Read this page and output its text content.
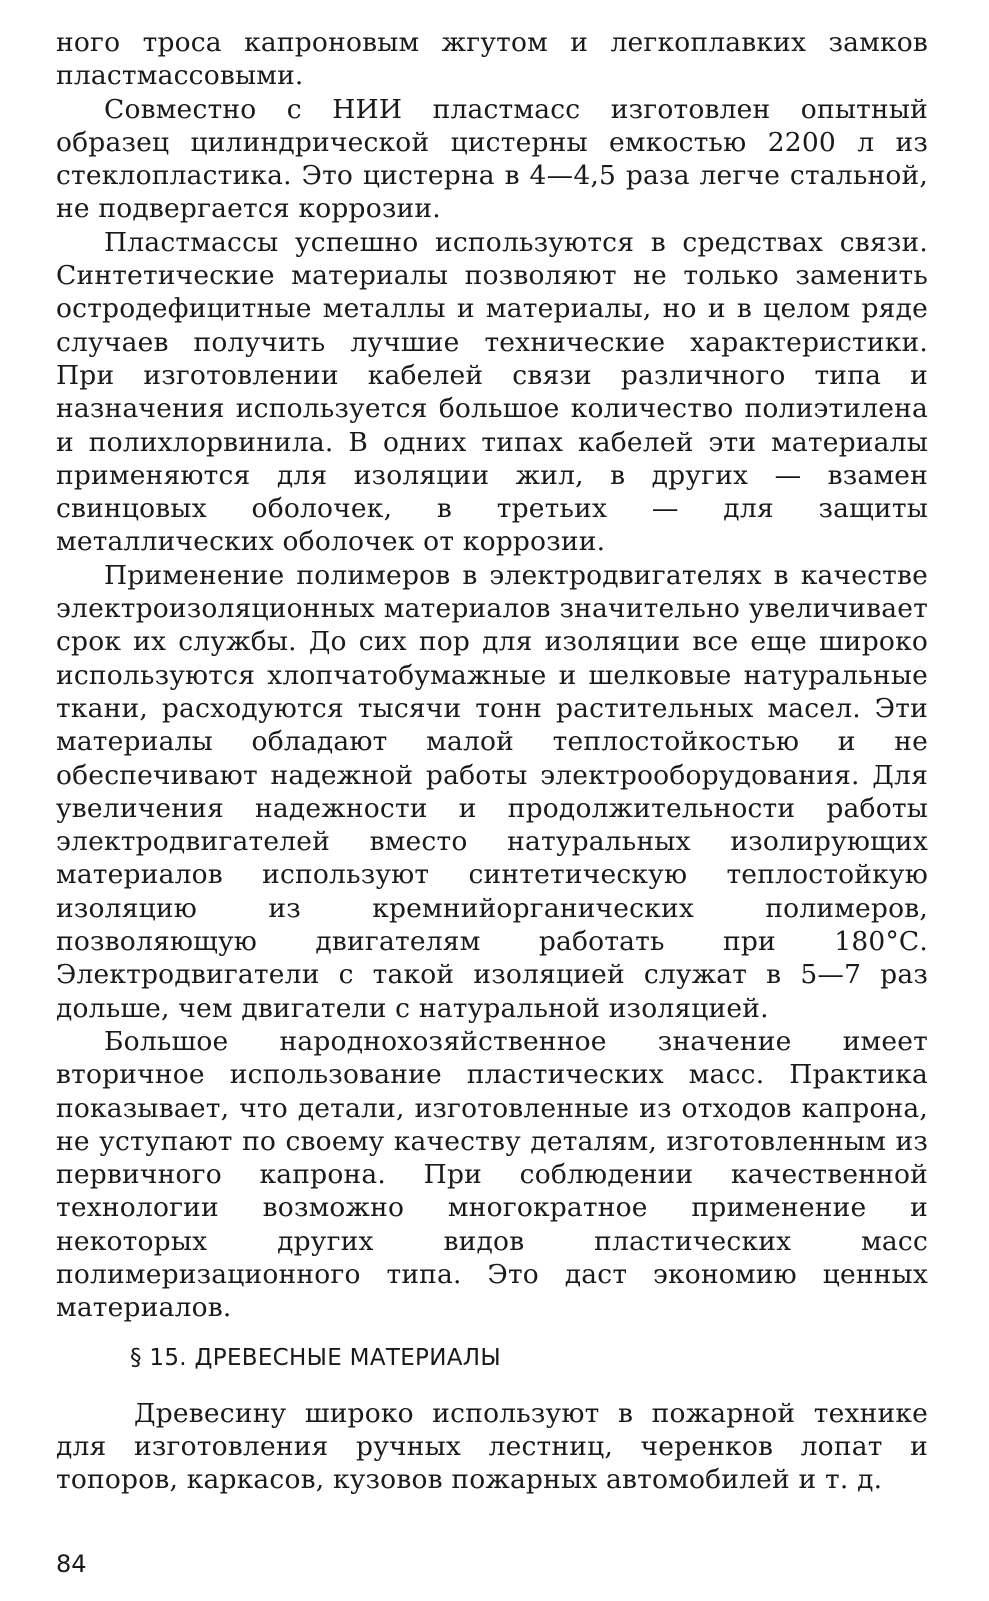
ного троса капроновым жгутом и легкоплавких замков пластмассовыми.

Совместно с НИИ пластмасс изготовлен опытный образец цилиндрической цистерны емкостью 2200 л из стеклопластика. Это цистерна в 4—4,5 раза легче стальной, не подвергается коррозии.

Пластмассы успешно используются в средствах связи. Синтетические материалы позволяют не только заменить остродефицитные металлы и материалы, но и в целом ряде случаев получить лучшие технические характеристики. При изготовлении кабелей связи различного типа и назначения используется большое количество полиэтилена и полихлорвинила. В одних типах кабелей эти материалы применяются для изоляции жил, в других — взамен свинцовых оболочек, в третьих — для защиты металлических оболочек от коррозии.

Применение полимеров в электродвигателях в качестве электроизоляционных материалов значительно увеличивает срок их службы. До сих пор для изоляции все еще широко используются хлопчатобумажные и шелковые натуральные ткани, расходуются тысячи тонн растительных масел. Эти материалы обладают малой теплостойкостью и не обеспечивают надежной работы электрооборудования. Для увеличения надежности и продолжительности работы электродвигателей вместо натуральных изолирующих материалов используют синтетическую теплостойкую изоляцию из кремнийорганических полимеров, позволяющую двигателям работать при 180°С. Электродвигатели с такой изоляцией служат в 5—7 раз дольше, чем двигатели с натуральной изоляцией.

Большое народнохозяйственное значение имеет вторичное использование пластических масс. Практика показывает, что детали, изготовленные из отходов капрона, не уступают по своему качеству деталям, изготовленным из первичного капрона. При соблюдении качественной технологии возможно многократное применение и некоторых других видов пластических масс полимеризационного типа. Это даст экономию ценных материалов.

§ 15. ДРЕВЕСНЫЕ МАТЕРИАЛЫ

Древесину широко используют в пожарной технике для изготовления ручных лестниц, черенков лопат и топоров, каркасов, кузовов пожарных автомобилей и т. д.

84
